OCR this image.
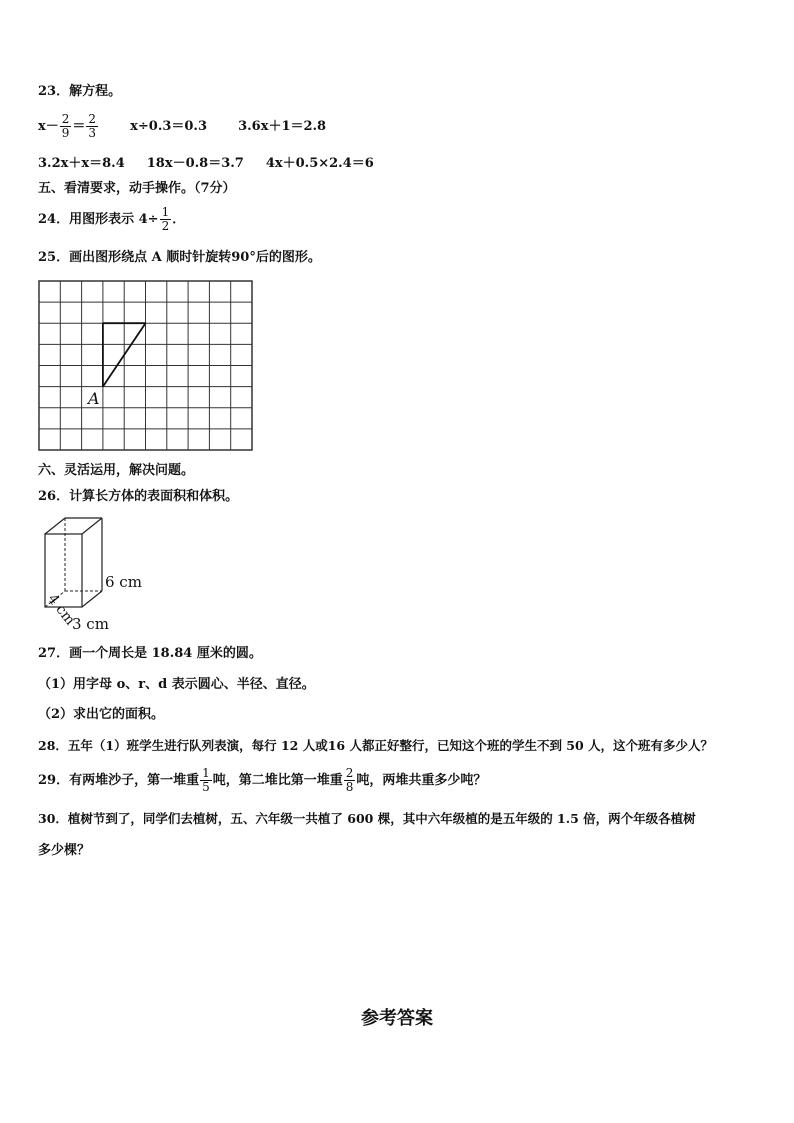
23．解方程。
$x- \frac{2}{9} = \frac{2}{3} x\div 0.3=0.3$ 3.6x＋1＝2.8
3.2x＋x＝8.4 18x－0.8＝3.7 4x＋0.5×2.4＝6
五、看清要求，动手操作。（7分）
24．用图形表示 $4\div \frac{1}{2}$ ．
25．画出图形绕点 A 顺时针旋转90°后的图形。
A
六、灵活运用，解决问题。
26．计算长方体的表面积和体积。
6 cm
4 cm
3 cm
27．画一个周长是 18.84 厘米的圆。
（1）用字母 o、r、d 表示圆心、半径、直径。
（2）求出它的面积。
28．五年（1）班学生进行队列表演，每行 12 人或16 人都正好整行，已知这个班的学生不到 50 人，这个班有多少人？
29．有两堆沙子，第一堆重 $\frac{1}{5}$ 吨，第二堆比第一堆重 $\frac{2}{8}$ 吨，两堆共重多少吨？
30．植树节到了，同学们去植树，五、六年级一共植了 600 棵，其中六年级植的是五年级的 1.5 倍，两个年级各植树
多少棵？
参考答案
